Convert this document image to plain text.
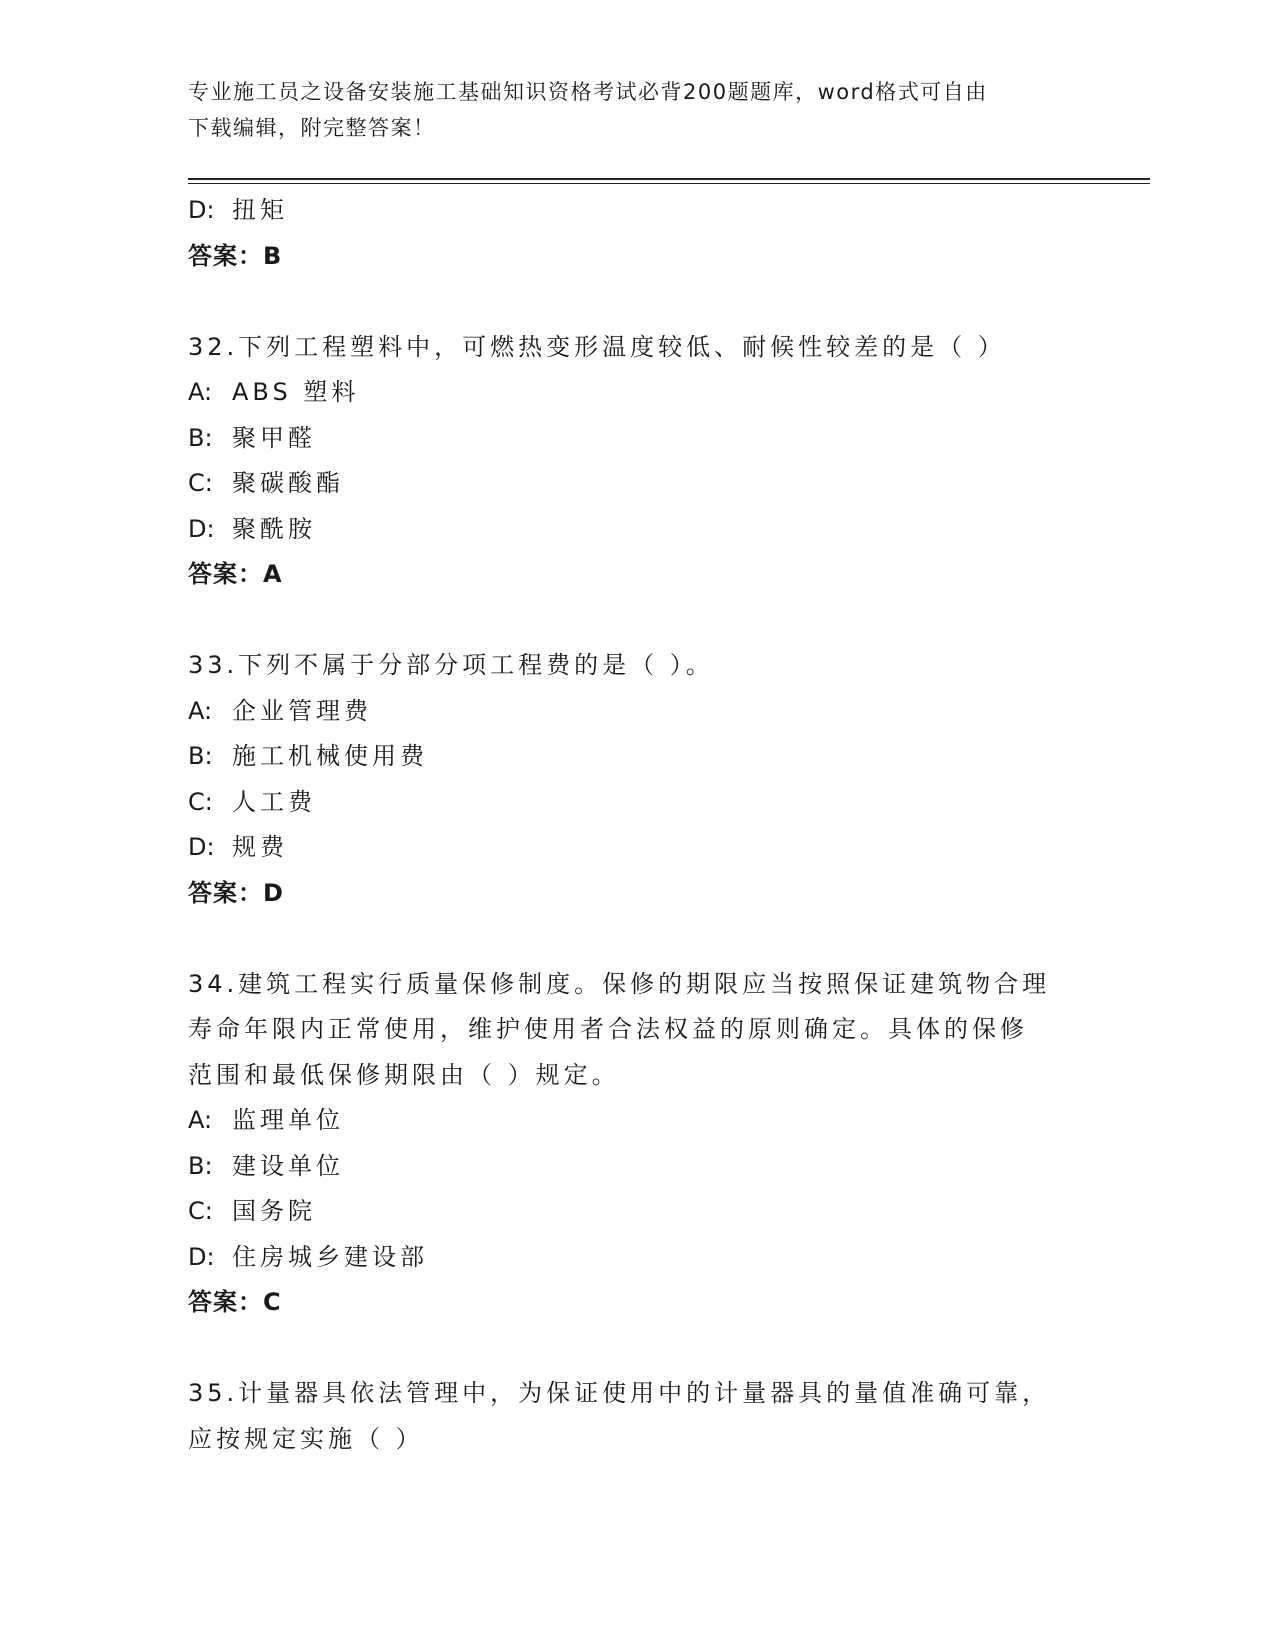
专业施工员之设备安装施工基础知识资格考试必背200题题库，word格式可自由
下载编辑，附完整答案！
D: 扭矩
答案：B
32.下列工程塑料中，可燃热变形温度较低、耐候性较差的是（ ）
A: ABS 塑料
B: 聚甲醛
C: 聚碳酸酯
D: 聚酰胺
答案：A
33.下列不属于分部分项工程费的是（ ）。
A: 企业管理费
B: 施工机械使用费
C: 人工费
D: 规费
答案：D
34.建筑工程实行质量保修制度。保修的期限应当按照保证建筑物合理
寿命年限内正常使用，维护使用者合法权益的原则确定。具体的保修
范围和最低保修期限由（ ）规定。
A: 监理单位
B: 建设单位
C: 国务院
D: 住房城乡建设部
答案：C
35.计量器具依法管理中，为保证使用中的计量器具的量值准确可靠，
应按规定实施（ ）
